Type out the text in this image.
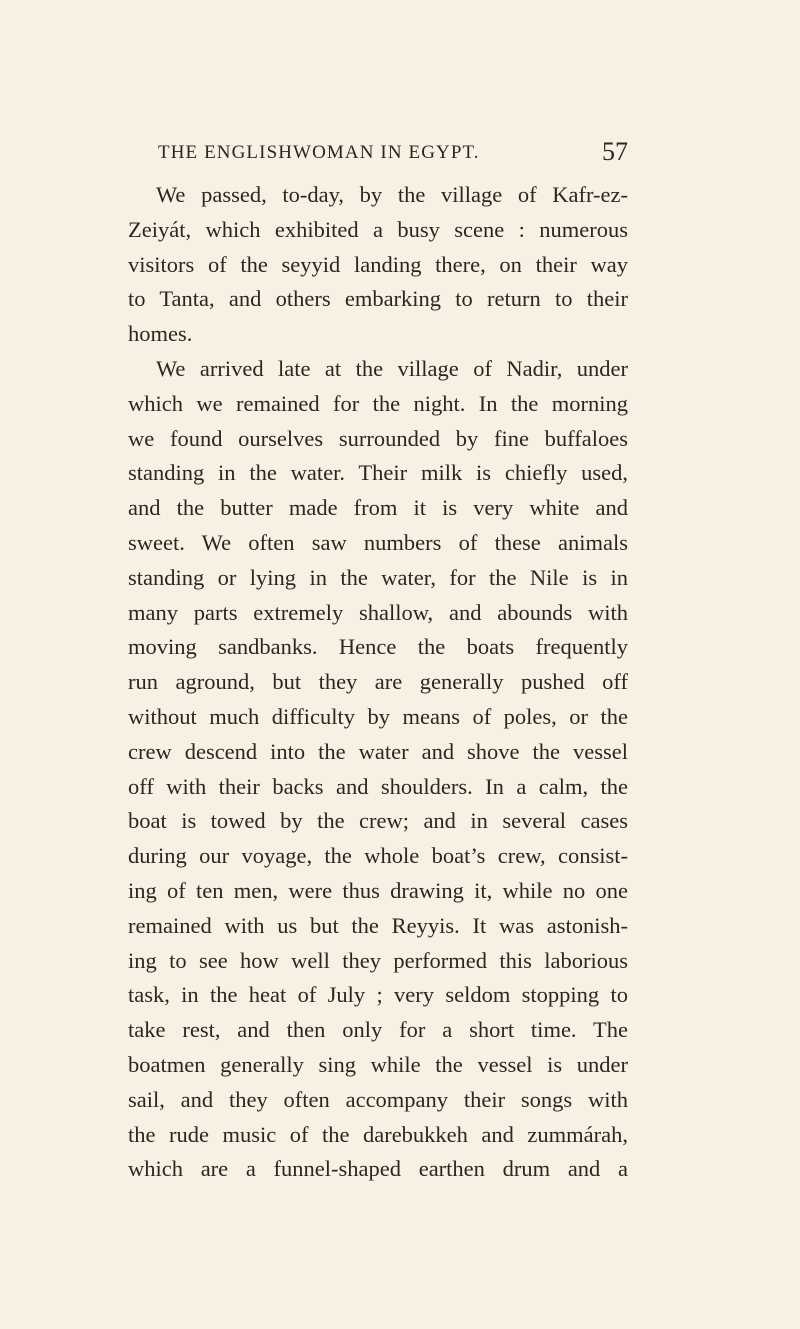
THE ENGLISHWOMAN IN EGYPT.	57
We passed, to-day, by the village of Kafr-ez-
Zeiyát, which exhibited a busy scene : numerous
visitors of the seyyid landing there, on their way
to Tanta, and others embarking to return to their
homes.
We arrived late at the village of Nadir, under
which we remained for the night. In the morning
we found ourselves surrounded by fine buffaloes
standing in the water. Their milk is chiefly used,
and the butter made from it is very white and
sweet. We often saw numbers of these animals
standing or lying in the water, for the Nile is in
many parts extremely shallow, and abounds with
moving sandbanks. Hence the boats frequently
run aground, but they are generally pushed off
without much difficulty by means of poles, or the
crew descend into the water and shove the vessel
off with their backs and shoulders. In a calm, the
boat is towed by the crew; and in several cases
during our voyage, the whole boat’s crew, consist-
ing of ten men, were thus drawing it, while no one
remained with us but the Reyyis. It was astonish-
ing to see how well they performed this laborious
task, in the heat of July ; very seldom stopping to
take rest, and then only for a short time. The
boatmen generally sing while the vessel is under
sail, and they often accompany their songs with
the rude music of the darebukkeh and zummárah,
which are a funnel-shaped earthen drum and a
